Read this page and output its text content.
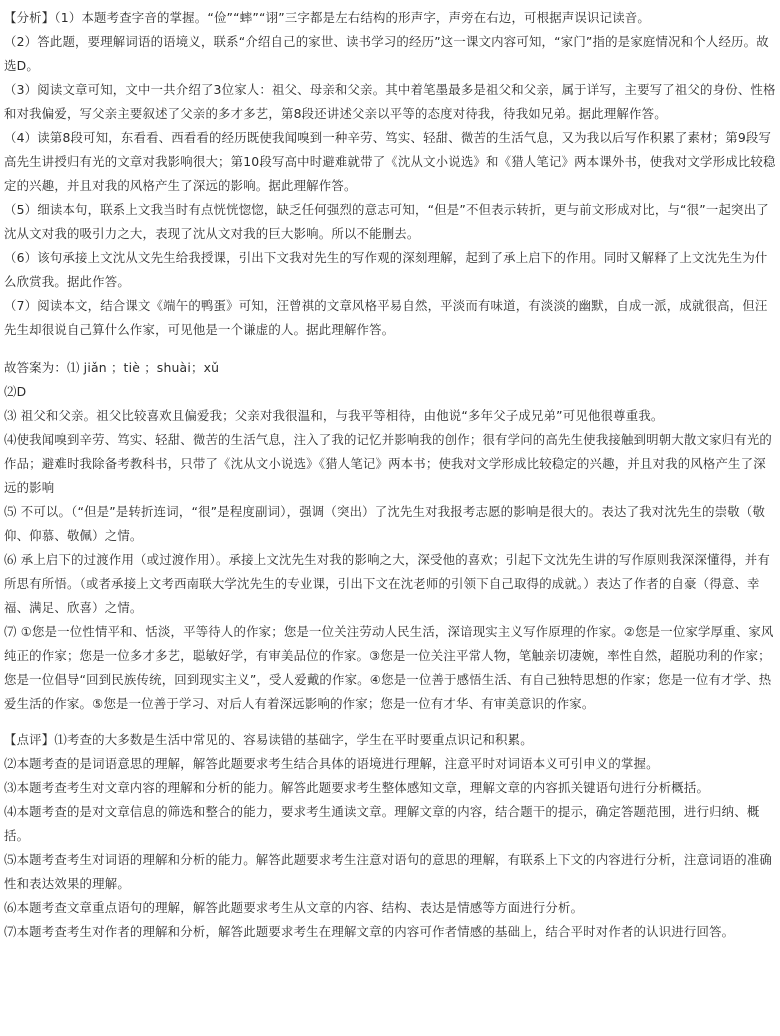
【分析】（1）本题考查字音的掌握。“俭”“蟀”“诩”三字都是左右结构的形声字，声旁在右边，可根据声误识记读音。

（2）答此题，要理解词语的语境义，联系“介绍自己的家世、读书学习的经历”这一课文内容可知，“家门”指的是家庭情况和个人经历。故选D。

（3）阅读文章可知，文中一共介绍了3位家人：祖父、母亲和父亲。其中着笔墨最多是祖父和父亲，属于详写，主要写了祖父的身份、性格和对我偏爱，写父亲主要叙述了父亲的多才多艺，第8段还讲述父亲以平等的态度对待我，待我如兄弟。据此理解作答。

（4）读第8段可知，东看看、西看看的经历既使我闻嗅到一种辛劳、笃实、轻甜、微苦的生活气息，又为我以后写作积累了素材；第9段写高先生讲授归有光的文章对我影响很大；第10段写高中时避难就带了《沈从文小说选》和《猎人笔记》两本课外书，使我对文学形成比较稳定的兴趣，并且对我的风格产生了深远的影响。据此理解作答。

（5）细读本句，联系上文我当时有点恍恍惚惚，缺乏任何强烈的意志可知，“但是”不但表示转折，更与前文形成对比，与“很”一起突出了沈从文对我的吸引力之大，表现了沈从文对我的巨大影响。所以不能删去。

（6）该句承接上文沈从文先生给我授课，引出下文我对先生的写作观的深刻理解，起到了承上启下的作用。同时又解释了上文沈先生为什么欣赏我。据此作答。

（7）阅读本文，结合课文《端午的鸭蛋》可知，汪曾祺的文章风格平易自然，平淡而有味道，有淡淡的幽默，自成一派，成就很高，但汪先生却很说自己算什么作家，可见他是一个谦虚的人。据此理解作答。

故答案为：⑴ jiǎn ；tiè ；shuài；xǔ

⑵D

⑶ 祖父和父亲。祖父比较喜欢且偏爱我；父亲对我很温和，与我平等相待，由他说“多年父子成兄弟”可见他很尊重我。

⑷使我闻嗅到辛劳、笃实、轻甜、微苦的生活气息，注入了我的记忆并影响我的创作；很有学问的高先生使我接触到明朝大散文家归有光的作品；避难时我除备考教科书，只带了《沈从文小说选》《猎人笔记》两本书；使我对文学形成比较稳定的兴趣，并且对我的风格产生了深远的影响

⑸ 不可以。（“但是”是转折连词，“很”是程度副词），强调（突出）了沈先生对我报考志愿的影响是很大的。表达了我对沈先生的崇敬（敬仰、仰慕、敬佩）之情。

⑹ 承上启下的过渡作用（或过渡作用）。承接上文沈先生对我的影响之大，深受他的喜欢；引起下文沈先生讲的写作原则我深深懂得，并有所思有所悟。（或者承接上文考西南联大学沈先生的专业课，引出下文在沈老师的引领下自己取得的成就。）表达了作者的自豪（得意、幸福、满足、欣喜）之情。

⑺ ①您是一位性情平和、恬淡，平等待人的作家；您是一位关注劳动人民生活，深谙现实主义写作原理的作家。②您是一位家学厚重、家风纯正的作家；您是一位多才多艺，聪敏好学，有审美品位的作家。③您是一位关注平常人物，笔触亲切凄婉，率性自然，超脱功利的作家；您是一位倡导“回到民族传统，回到现实主义”，受人爱戴的作家。④您是一位善于感悟生活、有自己独特思想的作家；您是一位有才学、热爱生活的作家。⑤您是一位善于学习、对后人有着深远影响的作家；您是一位有才华、有审美意识的作家。

【点评】⑴考查的大多数是生活中常见的、容易读错的基础字，学生在平时要重点识记和积累。

⑵本题考查的是词语意思的理解，解答此题要求考生结合具体的语境进行理解，注意平时对词语本义可引申义的掌握。

⑶本题考查考生对文章内容的理解和分析的能力。解答此题要求考生整体感知文章，理解文章的内容抓关键语句进行分析概括。

⑷本题考查的是对文章信息的筛选和整合的能力，要求考生通读文章。理解文章的内容，结合题干的提示，确定答题范围，进行归纳、概括。

⑸本题考查考生对词语的理解和分析的能力。解答此题要求考生注意对语句的意思的理解，有联系上下文的内容进行分析，注意词语的准确性和表达效果的理解。

⑹本题考查文章重点语句的理解，解答此题要求考生从文章的内容、结构、表达是情感等方面进行分析。

⑺本题考查考生对作者的理解和分析，解答此题要求考生在理解文章的内容可作者情感的基础上，结合平时对作者的认识进行回答。
